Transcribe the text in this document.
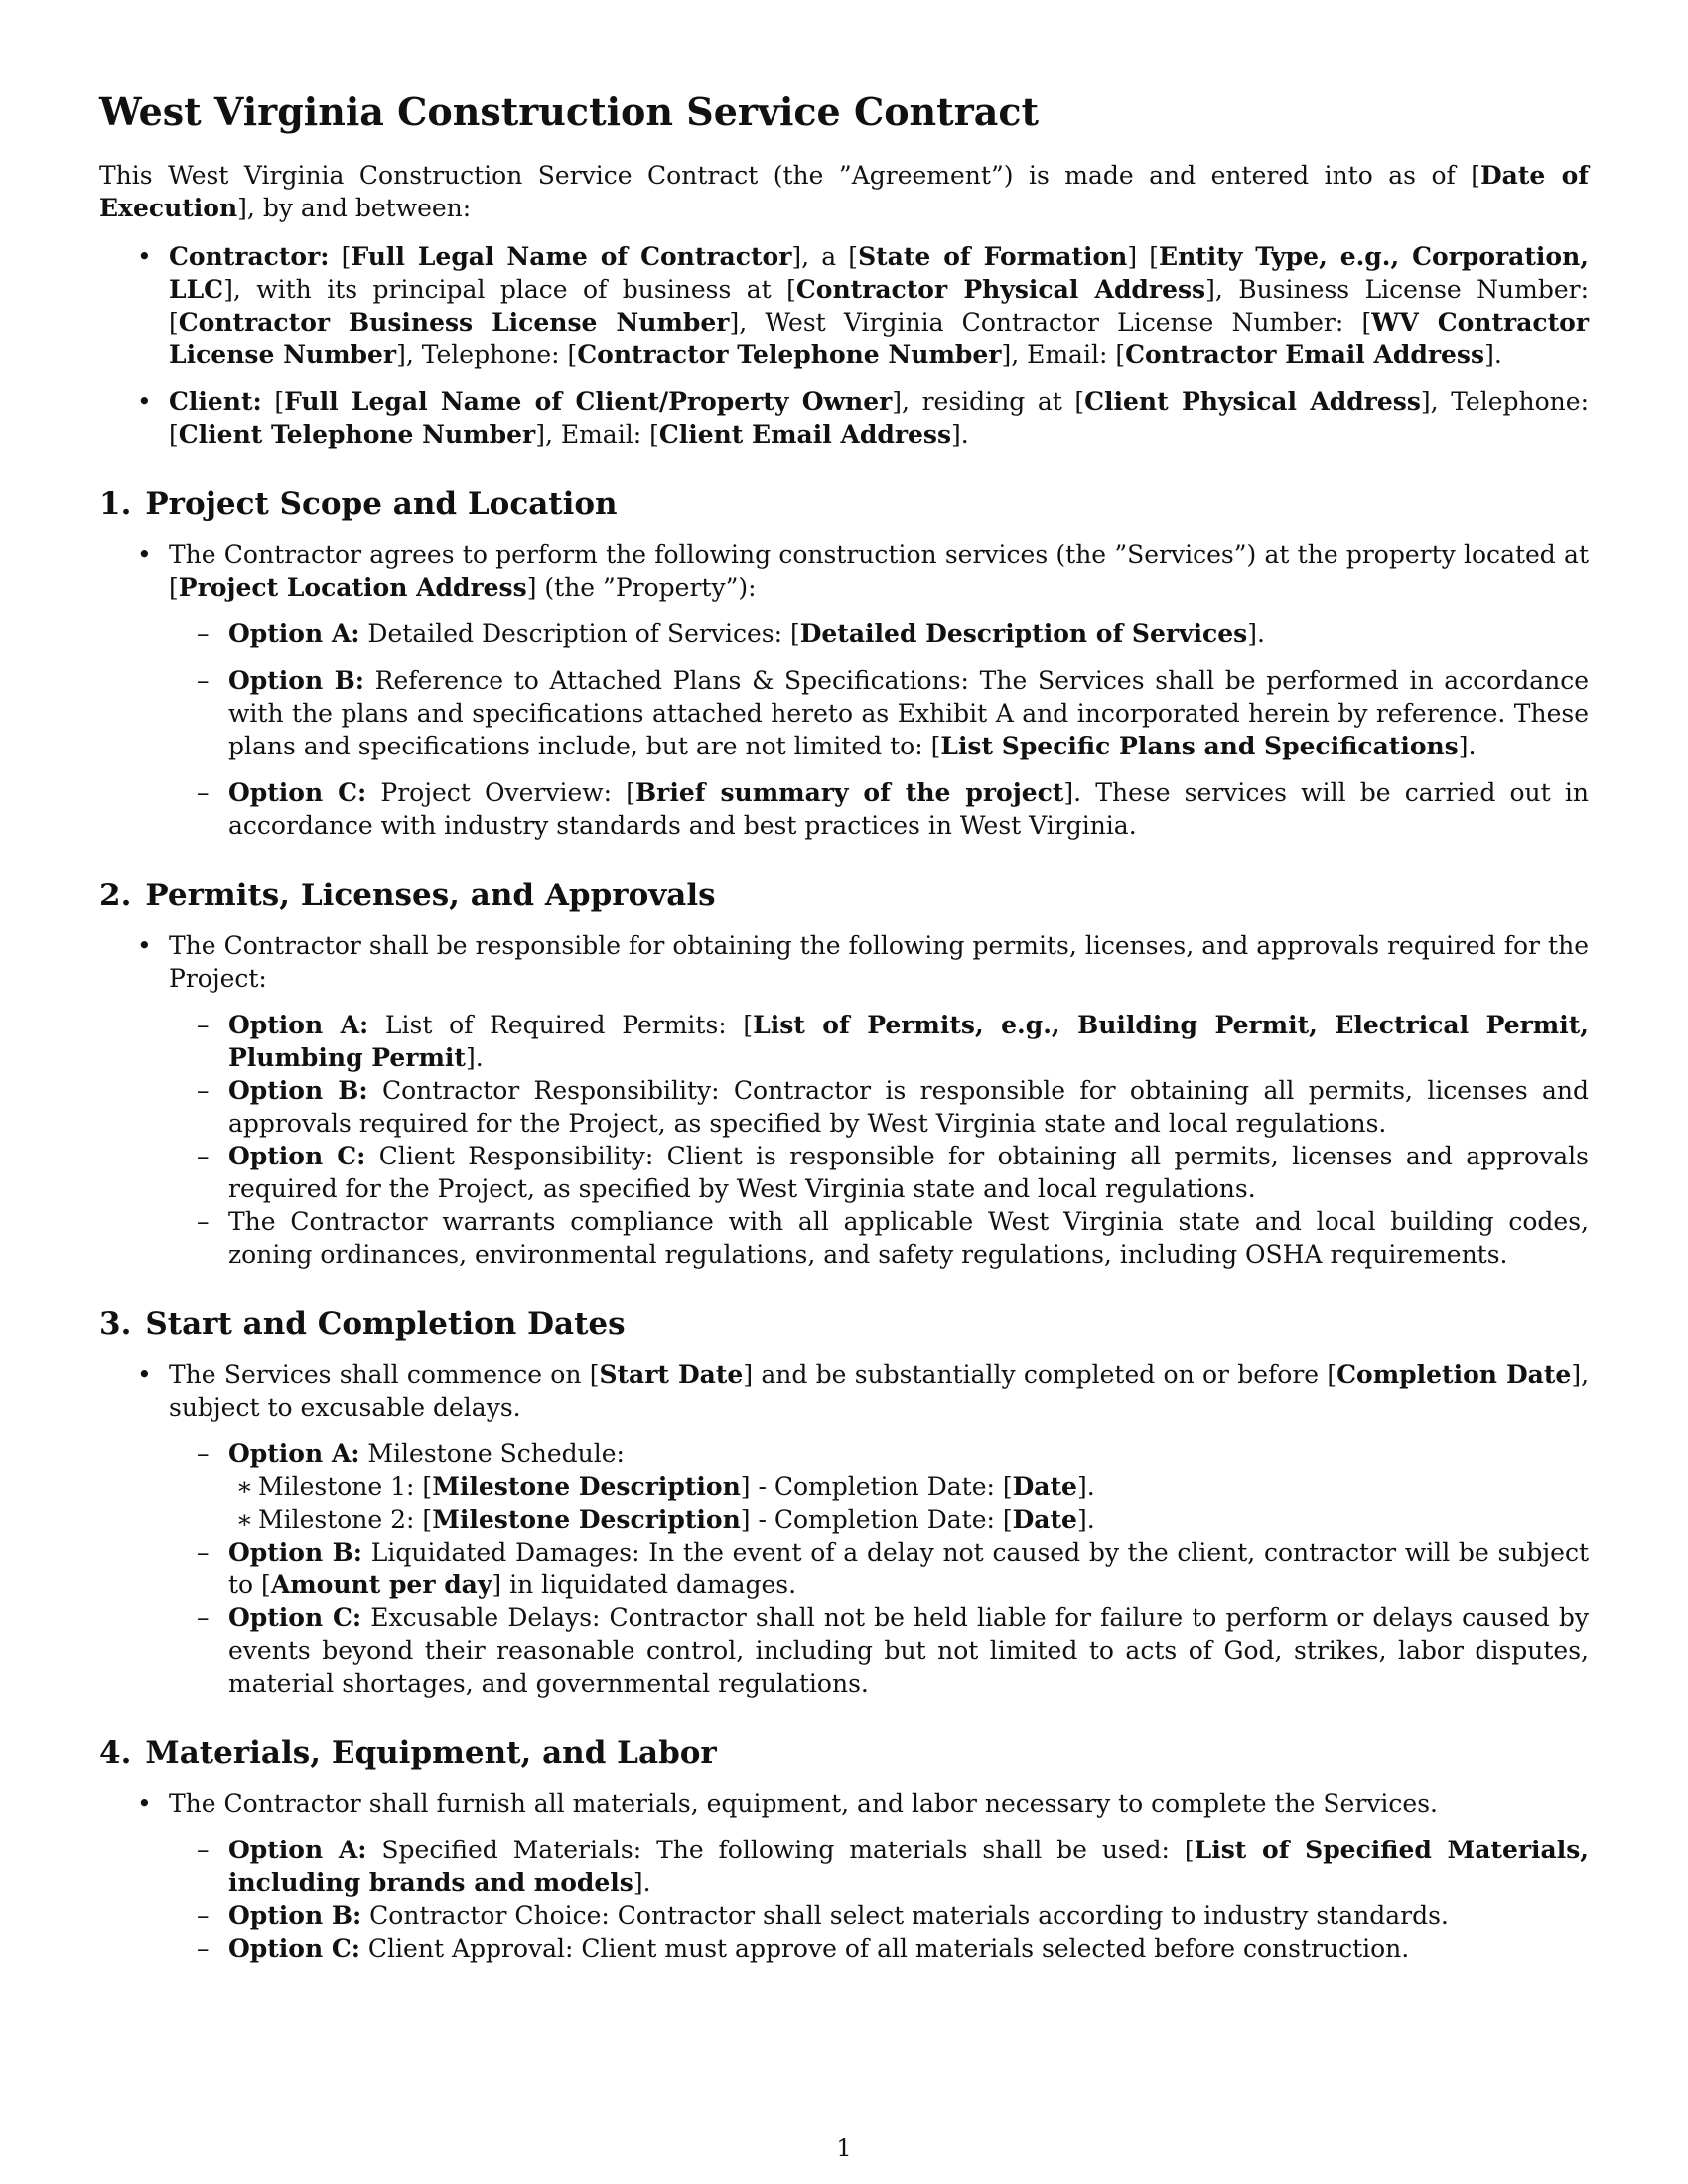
West Virginia Construction Service Contract

This West Virginia Construction Service Contract (the ”Agreement”) is made and entered into as of [Date of Execution], by and between:

• Contractor: [Full Legal Name of Contractor], a [State of Formation] [Entity Type, e.g., Corporation, LLC], with its principal place of business at [Contractor Physical Address], Business License Number: [Contractor Business License Number], West Virginia Contractor License Number: [WV Contractor License Number], Telephone: [Contractor Telephone Number], Email: [Contractor Email Address].
• Client: [Full Legal Name of Client/Property Owner], residing at [Client Physical Address], Telephone: [Client Telephone Number], Email: [Client Email Address].
1. Project Scope and Location
• The Contractor agrees to perform the following construction services (the ”Services”) at the property located at [Project Location Address] (the ”Property”):
– Option A: Detailed Description of Services: [Detailed Description of Services].
– Option B: Reference to Attached Plans & Specifications: The Services shall be performed in accordance with the plans and specifications attached hereto as Exhibit A and incorporated herein by reference. These plans and specifications include, but are not limited to: [List Specific Plans and Specifications].
– Option C: Project Overview: [Brief summary of the project]. These services will be carried out in accordance with industry standards and best practices in West Virginia.
2. Permits, Licenses, and Approvals
• The Contractor shall be responsible for obtaining the following permits, licenses, and approvals required for the Project:
– Option A: List of Required Permits: [List of Permits, e.g., Building Permit, Electrical Permit, Plumbing Permit].
– Option B: Contractor Responsibility: Contractor is responsible for obtaining all permits, licenses and approvals required for the Project, as specified by West Virginia state and local regulations.
– Option C: Client Responsibility: Client is responsible for obtaining all permits, licenses and approvals required for the Project, as specified by West Virginia state and local regulations.
– The Contractor warrants compliance with all applicable West Virginia state and local building codes, zoning ordinances, environmental regulations, and safety regulations, including OSHA requirements.
3. Start and Completion Dates
• The Services shall commence on [Start Date] and be substantially completed on or before [Completion Date], subject to excusable delays.
– Option A: Milestone Schedule:
∗ Milestone 1: [Milestone Description] - Completion Date: [Date].
∗ Milestone 2: [Milestone Description] - Completion Date: [Date].
– Option B: Liquidated Damages: In the event of a delay not caused by the client, contractor will be subject to [Amount per day] in liquidated damages.
– Option C: Excusable Delays: Contractor shall not be held liable for failure to perform or delays caused by events beyond their reasonable control, including but not limited to acts of God, strikes, labor disputes, material shortages, and governmental regulations.
4. Materials, Equipment, and Labor
• The Contractor shall furnish all materials, equipment, and labor necessary to complete the Services.
– Option A: Specified Materials: The following materials shall be used: [List of Specified Materials, including brands and models].
– Option B: Contractor Choice: Contractor shall select materials according to industry standards.
– Option C: Client Approval: Client must approve of all materials selected before construction.
1
